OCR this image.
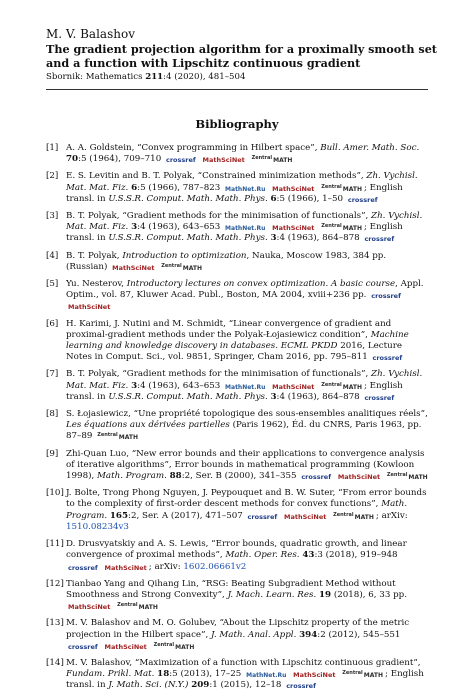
M. V. Balashov
The gradient projection algorithm for a proximally smooth set and a function with Lipschitz continuous gradient
Sbornik: Mathematics 211:4 (2020), 481–504
Bibliography
[1] A. A. Goldstein, “Convex programming in Hilbert space”, Bull. Amer. Math. Soc. 70:5 (1964), 709–710 crossref MathSciNet ZentralMATH
[2] E. S. Levitin and B. T. Polyak, “Constrained minimization methods”, Zh. Vychisl. Mat. Mat. Fiz. 6:5 (1966), 787–823 MathNet.Ru MathSciNet ZentralMATH ; English transl. in U.S.S.R. Comput. Math. Math. Phys. 6:5 (1966), 1–50 crossref
[3] B. T. Polyak, “Gradient methods for the minimisation of functionals”, Zh. Vychisl. Mat. Mat. Fiz. 3:4 (1963), 643–653 MathNet.Ru MathSciNet ZentralMATH ; English transl. in U.S.S.R. Comput. Math. Math. Phys. 3:4 (1963), 864–878 crossref
[4] B. T. Polyak, Introduction to optimization, Nauka, Moscow 1983, 384 pp. (Russian) MathSciNet ZentralMATH
[5] Yu. Nesterov, Introductory lectures on convex optimization. A basic course, Appl. Optim., vol. 87, Kluwer Acad. Publ., Boston, MA 2004, xviii+236 pp. crossref MathSciNet
[6] H. Karimi, J. Nutini and M. Schmidt, “Linear convergence of gradient and proximal-gradient methods under the Polyak-Łojasiewicz condition”, Machine learning and knowledge discovery in databases. ECML PKDD 2016, Lecture Notes in Comput. Sci., vol. 9851, Springer, Cham 2016, pp. 795–811 crossref
[7] B. T. Polyak, “Gradient methods for the minimisation of functionals”, Zh. Vychisl. Mat. Mat. Fiz. 3:4 (1963), 643–653 MathNet.Ru MathSciNet ZentralMATH ; English transl. in U.S.S.R. Comput. Math. Math. Phys. 3:4 (1963), 864–878 crossref
[8] S. Łojasiewicz, “Une propriété topologique des sous-ensembles analitiques réels”, Les équations aux dérivées partielles (Paris 1962), Éd. du CNRS, Paris 1963, pp. 87–89 ZentralMATH
[9] Zhi-Quan Luo, “New error bounds and their applications to convergence analysis of iterative algorithms”, Error bounds in mathematical programming (Kowloon 1998), Math. Program. 88:2, Ser. B (2000), 341–355 crossref MathSciNet ZentralMATH
[10] J. Bolte, Trong Phong Nguyen, J. Peypouquet and B. W. Suter, “From error bounds to the complexity of first-order descent methods for convex functions”, Math. Program. 165:2, Ser. A (2017), 471–507 crossref MathSciNet ZentralMATH ; arXiv: 1510.08234v3
[11] D. Drusvyatskiy and A. S. Lewis, “Error bounds, quadratic growth, and linear convergence of proximal methods”, Math. Oper. Res. 43:3 (2018), 919–948 crossref MathSciNet ; arXiv: 1602.06661v2
[12] Tianbao Yang and Qihang Lin, “RSG: Beating Subgradient Method without Smoothness and Strong Convexity”, J. Mach. Learn. Res. 19 (2018), 6, 33 pp. MathSciNet ZentralMATH
[13] M. V. Balashov and M. O. Golubev, “About the Lipschitz property of the metric projection in the Hilbert space”, J. Math. Anal. Appl. 394:2 (2012), 545–551 crossref MathSciNet ZentralMATH
[14] M. V. Balashov, “Maximization of a function with Lipschitz continuous gradient”, Fundam. Prikl. Mat. 18:5 (2013), 17–25 MathNet.Ru MathSciNet ZentralMATH ; English transl. in J. Math. Sci. (N.Y.) 209:1 (2015), 12–18 crossref
